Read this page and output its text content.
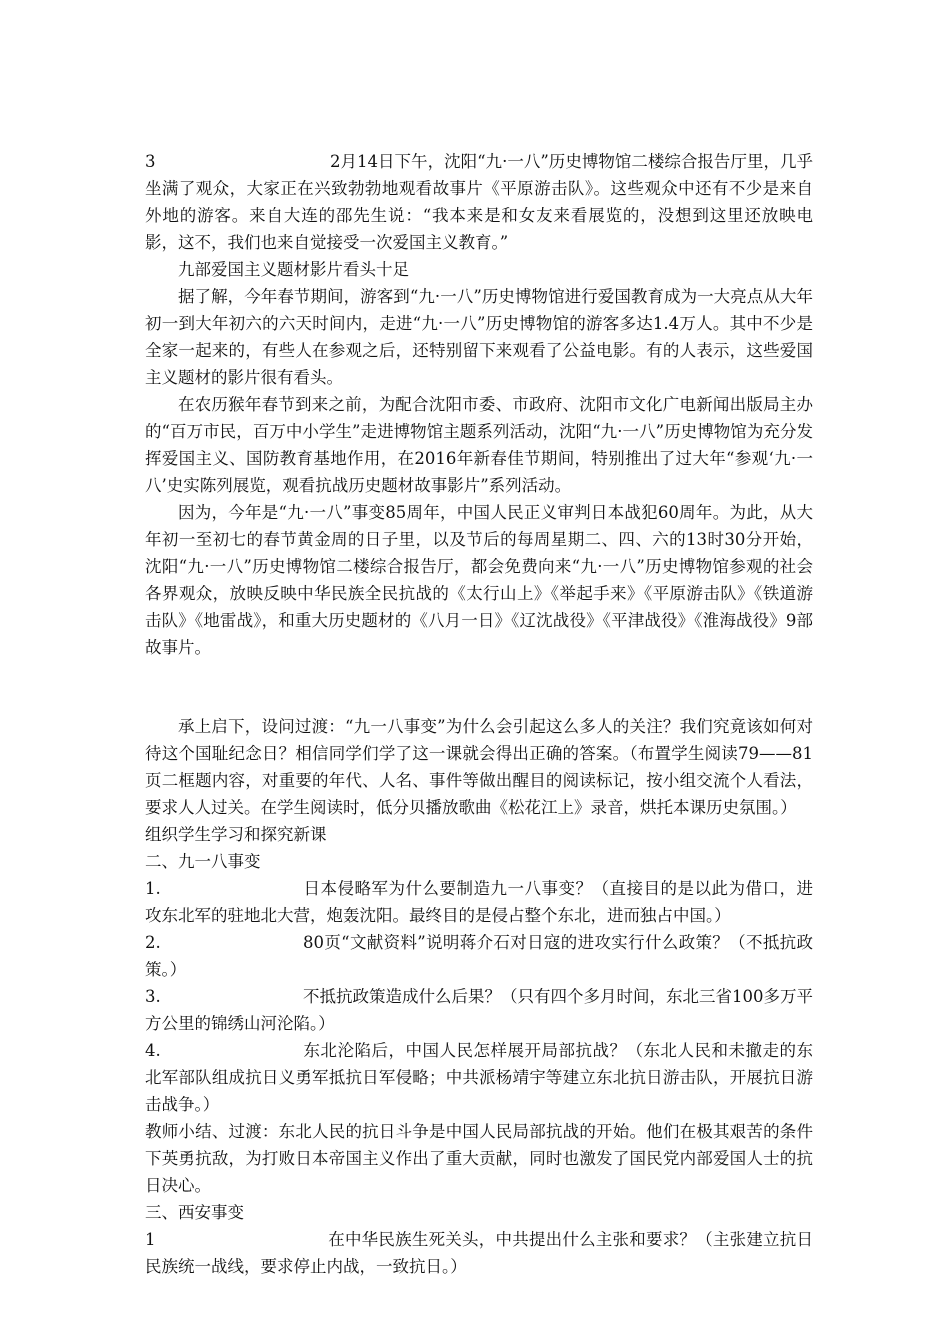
3	2月14日下午，沈阳“九·一八”历史博物馆二楼综合报告厅里，几乎坐满了观众，大家正在兴致勃勃地观看故事片《平原游击队》。这些观众中还有不少是来自外地的游客。来自大连的邵先生说：“我本来是和女友来看展览的，没想到这里还放映电影，这不，我们也来自觉接受一次爱国主义教育。”

九部爱国主义题材影片看头十足

据了解，今年春节期间，游客到“九·一八”历史博物馆进行爱国教育成为一大亮点从大年初一到大年初六的六天时间内，走进“九·一八”历史博物馆的游客多达1.4万人。其中不少是全家一起来的，有些人在参观之后，还特别留下来观看了公益电影。有的人表示，这些爱国主义题材的影片很有看头。

在农历猴年春节到来之前，为配合沈阳市委、市政府、沈阳市文化广电新闻出版局主办的“百万市民，百万中小学生”走进博物馆主题系列活动，沈阳“九·一八”历史博物馆为充分发挥爱国主义、国防教育基地作用，在2016年新春佳节期间，特别推出了过大年“参观‘九·一八’史实陈列展览，观看抗战历史题材故事影片”系列活动。

因为，今年是“九·一八”事变85周年，中国人民正义审判日本战犯60周年。为此，从大年初一至初七的春节黄金周的日子里，以及节后的每周星期二、四、六的13时30分开始，沈阳“九·一八”历史博物馆二楼综合报告厅，都会免费向来“九·一八”历史博物馆参观的社会各界观众，放映反映中华民族全民抗战的《太行山上》《举起手来》《平原游击队》《铁道游击队》《地雷战》，和重大历史题材的《八月一日》《辽沈战役》《平津战役》《淮海战役》9部故事片。

承上启下，设问过渡：“九一八事变”为什么会引起这么多人的关注？我们究竟该如何对待这个国耻纪念日？相信同学们学了这一课就会得出正确的答案。（布置学生阅读79——81页二框题内容，对重要的年代、人名、事件等做出醒目的阅读标记，按小组交流个人看法，要求人人过关。在学生阅读时，低分贝播放歌曲《松花江上》录音，烘托本课历史氛围。）

组织学生学习和探究新课

二、九一八事变

1.	日本侵略军为什么要制造九一八事变？（直接目的是以此为借口，进攻东北军的驻地北大营，炮轰沈阳。最终目的是侵占整个东北，进而独占中国。）

2.	80页“文献资料”说明蒋介石对日寇的进攻实行什么政策？（不抵抗政策。）

3.	不抵抗政策造成什么后果？（只有四个多月时间，东北三省100多万平方公里的锦绣山河沦陷。）

4.	东北沦陷后，中国人民怎样展开局部抗战？（东北人民和未撤走的东北军部队组成抗日义勇军抵抗日军侵略；中共派杨靖宇等建立东北抗日游击队，开展抗日游击战争。）

教师小结、过渡：东北人民的抗日斗争是中国人民局部抗战的开始。他们在极其艰苦的条件下英勇抗敌，为打败日本帝国主义作出了重大贡献，同时也激发了国民党内部爱国人士的抗日决心。

三、西安事变

1	在中华民族生死关头，中共提出什么主张和要求？（主张建立抗日民族统一战线，要求停止内战，一致抗日。）
